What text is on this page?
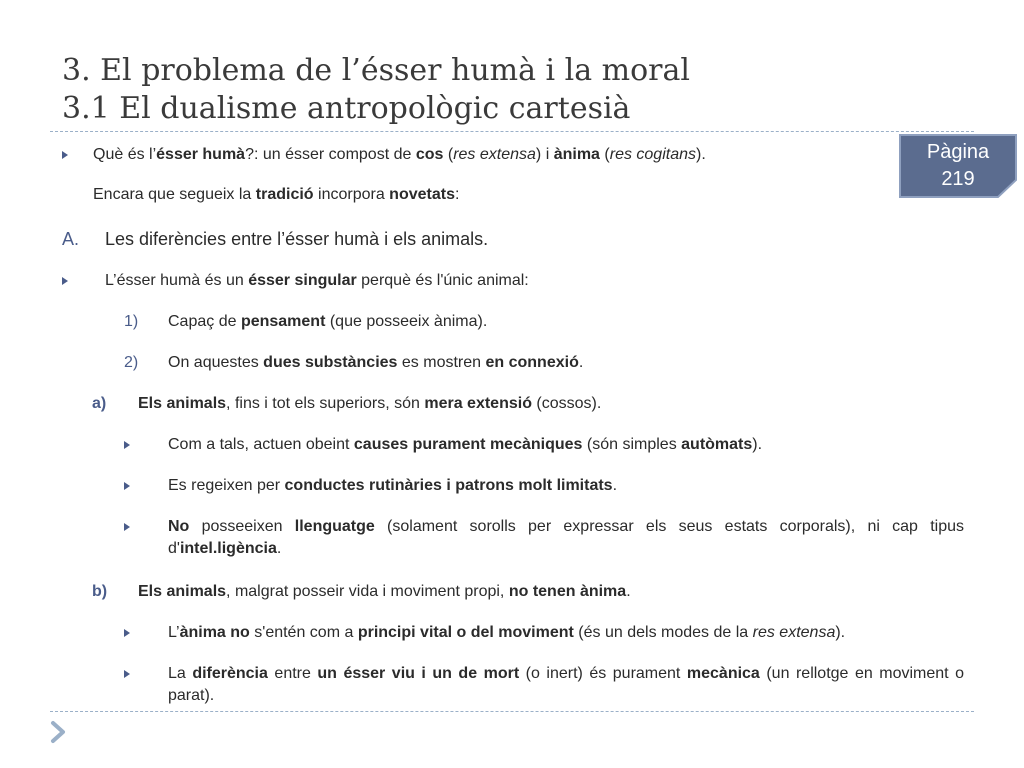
3. El problema de l’ésser humà i la moral
3.1 El dualisme antropològic cartesià
Pàgina
219
Què és l’ésser humà?: un ésser compost de cos (res extensa) i ànima (res cogitans).
Encara que segueix la tradició incorpora novetats:
A. Les diferències entre l’ésser humà i els animals.
L’ésser humà és un ésser singular perquè és l'únic animal:
1) Capaç de pensament (que posseeix ànima).
2) On aquestes dues substàncies es mostren en connexió.
a) Els animals, fins i tot els superiors, són mera extensió (cossos).
Com a tals, actuen obeint causes purament mecàniques (són simples autòmats).
Es regeixen per conductes rutinàries i patrons molt limitats.
No posseeixen llenguatge (solament sorolls per expressar els seus estats corporals), ni cap tipus d'intel.ligència.
b) Els animals, malgrat posseir vida i moviment propi, no tenen ànima.
L’ànima no s'entén com a principi vital o del moviment (és un dels modes de la res extensa).
La diferència entre un ésser viu i un de mort (o inert) és purament mecànica (un rellotge en moviment o parat).
